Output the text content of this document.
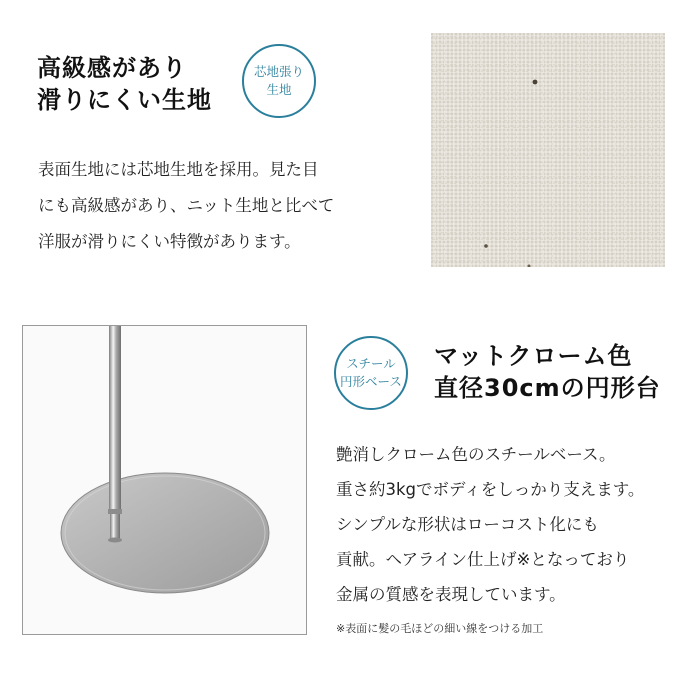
高級感があり
滑りにくい生地
芯地張り
生地
表面生地には芯地生地を採用。見た目
にも高級感があり、ニット生地と比べて
洋服が滑りにくい特徴があります。
スチール
円形ベース
マットクローム色
直径30cmの円形台
艶消しクローム色のスチールベース。
重さ約3kgでボディをしっかり支えます。
シンプルな形状はローコスト化にも
貢献。ヘアライン仕上げ※となっており
金属の質感を表現しています。
※表面に髪の毛ほどの細い線をつける加工
